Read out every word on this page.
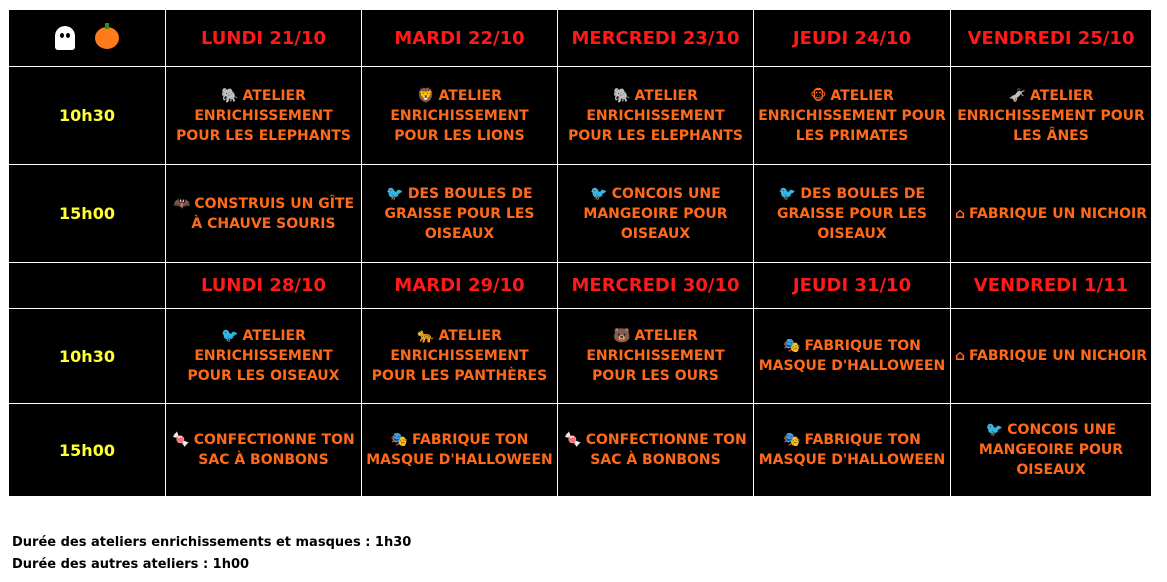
	LUNDI 21/10	MARDI 22/10	MERCREDI 23/10	JEUDI 24/10	VENDREDI 25/10
10h30	🐘 ATELIER ENRICHISSEMENT POUR LES ELEPHANTS	🦁 ATELIER ENRICHISSEMENT POUR LES LIONS	🐘 ATELIER ENRICHISSEMENT POUR LES ELEPHANTS	🐵 ATELIER ENRICHISSEMENT POUR LES PRIMATES	🫏 ATELIER ENRICHISSEMENT POUR LES ÂNES
15h00	🦇 CONSTRUIS UN GÎTE À CHAUVE SOURIS	🐦 DES BOULES DE GRAISSE POUR LES OISEAUX	🐦 CONCOIS UNE MANGEOIRE POUR OISEAUX	🐦 DES BOULES DE GRAISSE POUR LES OISEAUX	⌂ FABRIQUE UN NICHOIR
	LUNDI 28/10	MARDI 29/10	MERCREDI 30/10	JEUDI 31/10	VENDREDI 1/11
10h30	🐦 ATELIER ENRICHISSEMENT POUR LES OISEAUX	🐆 ATELIER ENRICHISSEMENT POUR LES PANTHÈRES	🐻 ATELIER ENRICHISSEMENT POUR LES OURS	🎭 FABRIQUE TON MASQUE D'HALLOWEEN	⌂ FABRIQUE UN NICHOIR
15h00	🍬 CONFECTIONNE TON SAC À BONBONS	🎭 FABRIQUE TON MASQUE D'HALLOWEEN	🍬 CONFECTIONNE TON SAC À BONBONS	🎭 FABRIQUE TON MASQUE D'HALLOWEEN	🐦 CONCOIS UNE MANGEOIRE POUR OISEAUX
Durée des ateliers enrichissements et masques : 1h30
Durée des autres ateliers : 1h00
